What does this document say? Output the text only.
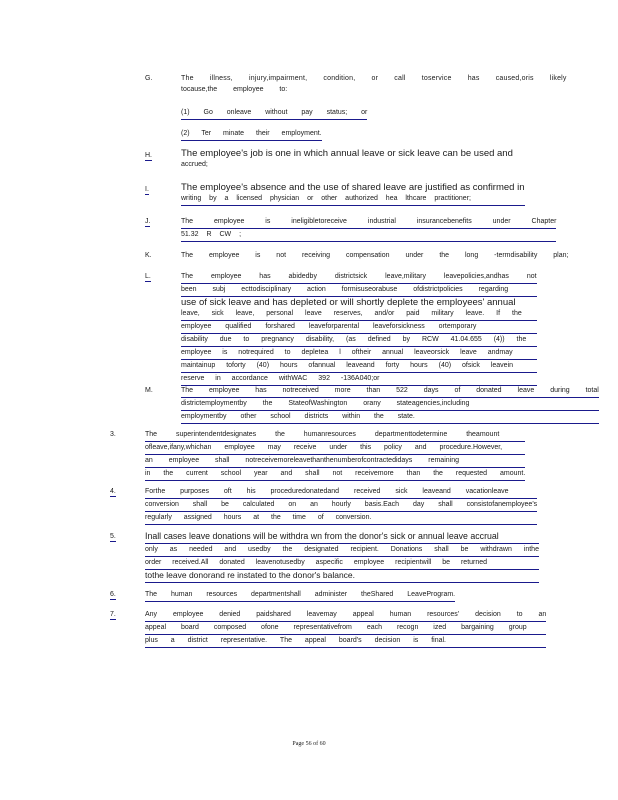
G.	The illness, injury,impairment, condition, or call toservice has caused,oris likely
tocause,the employee to:
(1) Go onleave without pay status; or
(2) Ter minate their employment.
H.	The employee's job is one in which annual leave or sick leave can be used and
accrued;
I.	The employee's absence and the use of shared leave are justified as confirmed in
writing by a licensed physician or other authorized hea lthcare practitioner;
J.	The employee is ineligibletoreceive industrial insurancebenefits under Chapter
51.32 R CW ;
K.	The employee is not receiving compensation under the long -termdisability plan;
L.	The employee has abidedby districtsick leave,military leavepolicies,andhas not
been subj ecttodisciplinary action formisuseorabuse ofdistrictpolicies regarding
use of sick leave and has depleted or will shortly deplete the employees' annual
leave, sick leave, personal leave reserves, and/or paid military leave. If the
employee qualified forshared leaveforparental leaveforsickness ortemporary
disability due to pregnancy disability, (as defined by RCW 41.04.655 (4)) the
employee is notrequired to depletea l oftheir annual leaveorsick leave andmay
maintainup toforty (40) hours ofannual leaveand forty hours (40) ofsick leavein
reserve in accordance withWAC 392 -136A040;or
M.	The employee has notreceived more than 522 days of donated leave during total
districtemploymentby the StateofWashington orany stateagencies,including
employmentby other school districts within the state.
3.	The superintendentdesignates the humanresources departmenttodetermine theamount
ofleave,ifany,whichan employee may receive under this policy and procedure.However,
an employee shall notreceivemoreleavethanthenumberofcontractedidays remaining
in the current school year and shall not receivemore than the requested amount.
4.	Forthe purposes oft his proceduredonatedand received sick leaveand vacationleave
conversion shall be calculated on an hourly basis.Each day shall consistofanemployee's
regularly assigned hours at the time of conversion.
5.	Inall cases leave donations will be withdra wn from the donor's sick or annual leave accrual
only as needed and usedby the designated recipient. Donations shall be withdrawn inthe
order received.All donated leavenotusedby aspecific employee recipientwill be returned
tothe leave donorand re instated to the donor's balance.
6.	The human resources departmentshall administer theShared LeaveProgram.
7.	Any employee denied paidshared leavemay appeal human resources' decision to an
appeal board composed ofone representativefrom each recogn ized bargaining group
plus a district representative. The appeal board's decision is final.
Page 56 of 60
